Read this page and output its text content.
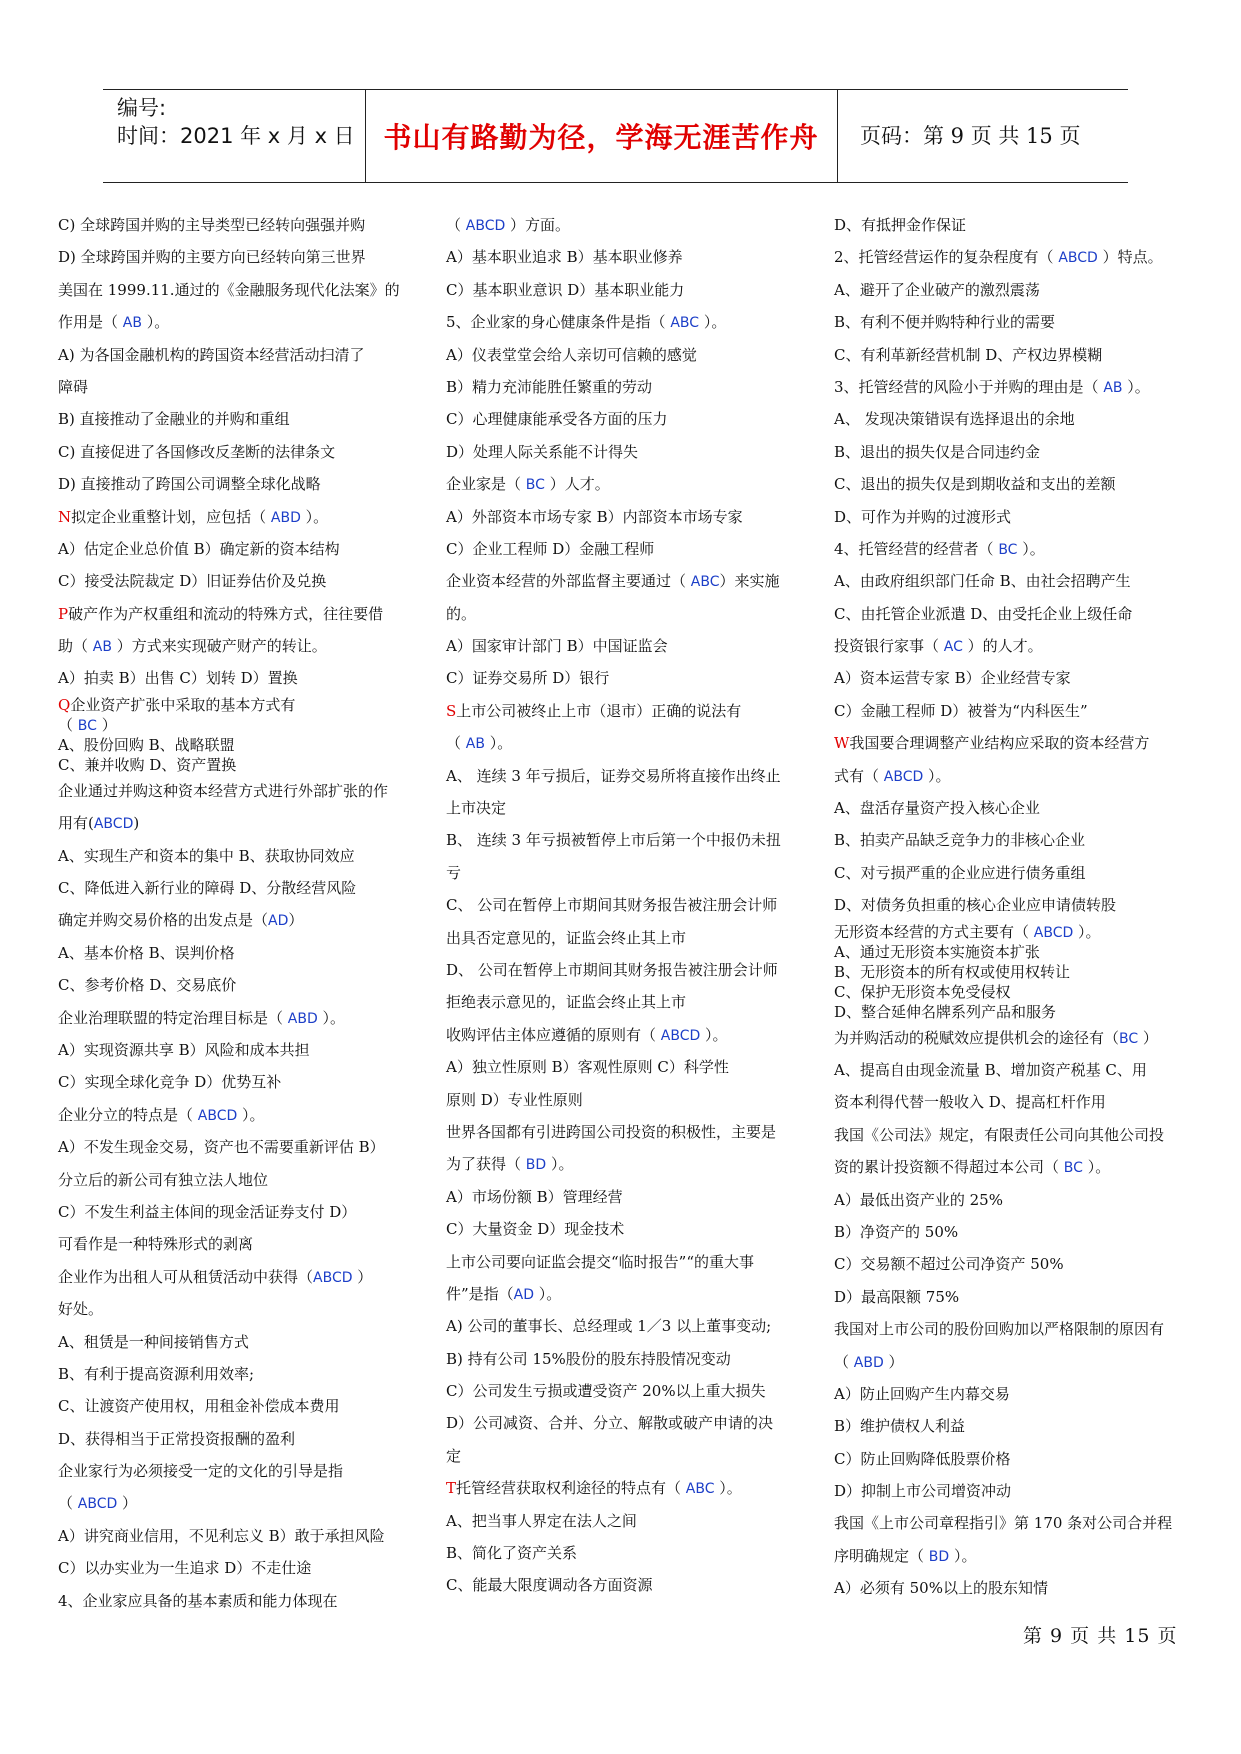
编号:
时间：2021 年 x 月 x 日	书山有路勤为径，学海无涯苦作舟	页码：第 9 页 共 15 页
C) 全球跨国并购的主导类型已经转向强强并购
D) 全球跨国并购的主要方向已经转向第三世界
美国在 1999.11.通过的《金融服务现代化法案》的
作用是（ AB ）。
A) 为各国金融机构的跨国资本经营活动扫清了
障碍
B) 直接推动了金融业的并购和重组
C) 直接促进了各国修改反垄断的法律条文
D) 直接推动了跨国公司调整全球化战略
N拟定企业重整计划，应包括（ ABD ）。
A）估定企业总价值 B）确定新的资本结构
C）接受法院裁定 D）旧证券估价及兑换
P破产作为产权重组和流动的特殊方式，往往要借
助（ AB ）方式来实现破产财产的转让。
A）拍卖 B）出售 C）划转 D）置换
Q企业资产扩张中采取的基本方式有
（ BC ）
A、股份回购 B、战略联盟
C、兼并收购 D、资产置换
企业通过并购这种资本经营方式进行外部扩张的作
用有(ABCD)
A、实现生产和资本的集中 B、获取协同效应
C、降低进入新行业的障碍 D、分散经营风险
确定并购交易价格的出发点是（AD）
A、基本价格 B、误判价格
C、参考价格 D、交易底价
企业治理联盟的特定治理目标是（ ABD ）。
A）实现资源共享 B）风险和成本共担
C）实现全球化竞争 D）优势互补
企业分立的特点是（ ABCD ）。
A）不发生现金交易，资产也不需要重新评估 B）
分立后的新公司有独立法人地位
C）不发生利益主体间的现金活证券支付 D）
可看作是一种特殊形式的剥离
企业作为出租人可从租赁活动中获得（ABCD ）
好处。
A、租赁是一种间接销售方式
B、有利于提高资源利用效率;
C、让渡资产使用权，用租金补偿成本费用
D、获得相当于正常投资报酬的盈利
企业家行为必须接受一定的文化的引导是指
（ ABCD ）
A）讲究商业信用，不见利忘义 B）敢于承担风险
C）以办实业为一生追求 D）不走仕途
4、企业家应具备的基本素质和能力体现在
（ ABCD ）方面。
A）基本职业追求 B）基本职业修养
C）基本职业意识 D）基本职业能力
5、企业家的身心健康条件是指（ ABC ）。
A）仪表堂堂会给人亲切可信赖的感觉
B）精力充沛能胜任繁重的劳动
C）心理健康能承受各方面的压力
D）处理人际关系能不计得失
企业家是（ BC ）人才。
A）外部资本市场专家 B）内部资本市场专家
C）企业工程师 D）金融工程师
企业资本经营的外部监督主要通过（ ABC）来实施
的。
A）国家审计部门 B）中国证监会
C）证券交易所 D）银行
S上市公司被终止上市（退市）正确的说法有
（ AB ）。
A、 连续 3 年亏损后，证券交易所将直接作出终止
上市决定
B、 连续 3 年亏损被暂停上市后第一个中报仍未扭
亏
C、 公司在暂停上市期间其财务报告被注册会计师
出具否定意见的，证监会终止其上市
D、 公司在暂停上市期间其财务报告被注册会计师
拒绝表示意见的，证监会终止其上市
收购评估主体应遵循的原则有（ ABCD ）。
A）独立性原则 B）客观性原则 C）科学性
原则 D）专业性原则
世界各国都有引进跨国公司投资的积极性，主要是
为了获得（ BD ）。
A）市场份额 B）管理经营
C）大量资金 D）现金技术
上市公司要向证监会提交“临时报告”“的重大事
件”是指（AD ）。
A) 公司的董事长、总经理或 1／3 以上董事变动;
B) 持有公司 15%股份的股东持股情况变动
C）公司发生亏损或遭受资产 20%以上重大损失
D）公司减资、合并、分立、解散或破产申请的决
定
T托管经营获取权利途径的特点有（ ABC ）。
A、把当事人界定在法人之间
B、简化了资产关系
C、能最大限度调动各方面资源
D、有抵押金作保证
2、托管经营运作的复杂程度有（ ABCD ）特点。
A、避开了企业破产的激烈震荡
B、有利不便并购特种行业的需要
C、有利革新经营机制 D、产权边界模糊
3、托管经营的风险小于并购的理由是（ AB ）。
A、 发现决策错误有选择退出的余地
B、退出的损失仅是合同违约金
C、退出的损失仅是到期收益和支出的差额
D、可作为并购的过渡形式
4、托管经营的经营者（ BC ）。
A、由政府组织部门任命 B、由社会招聘产生
C、由托管企业派遣 D、由受托企业上级任命
投资银行家事（ AC ）的人才。
A）资本运营专家 B）企业经营专家
C）金融工程师 D）被誉为“内科医生”
W我国要合理调整产业结构应采取的资本经营方
式有（ ABCD ）。
A、盘活存量资产投入核心企业
B、拍卖产品缺乏竞争力的非核心企业
C、对亏损严重的企业应进行债务重组
D、对债务负担重的核心企业应申请债转股
无形资本经营的方式主要有（ ABCD ）。
A、通过无形资本实施资本扩张
B、无形资本的所有权或使用权转让
C、保护无形资本免受侵权
D、整合延伸名牌系列产品和服务
为并购活动的税赋效应提供机会的途径有（BC ）
A、提高自由现金流量 B、增加资产税基 C、用
资本利得代替一般收入 D、提高杠杆作用
我国《公司法》规定，有限责任公司向其他公司投
资的累计投资额不得超过本公司（ BC ）。
A）最低出资产业的 25%
B）净资产的 50%
C）交易额不超过公司净资产 50%
D）最高限额 75%
我国对上市公司的股份回购加以严格限制的原因有
（ ABD ）
A）防止回购产生内幕交易
B）维护债权人利益
C）防止回购降低股票价格
D）抑制上市公司增资冲动
我国《上市公司章程指引》第 170 条对公司合并程
序明确规定（ BD ）。
A）必须有 50%以上的股东知情
第 9 页 共 15 页
